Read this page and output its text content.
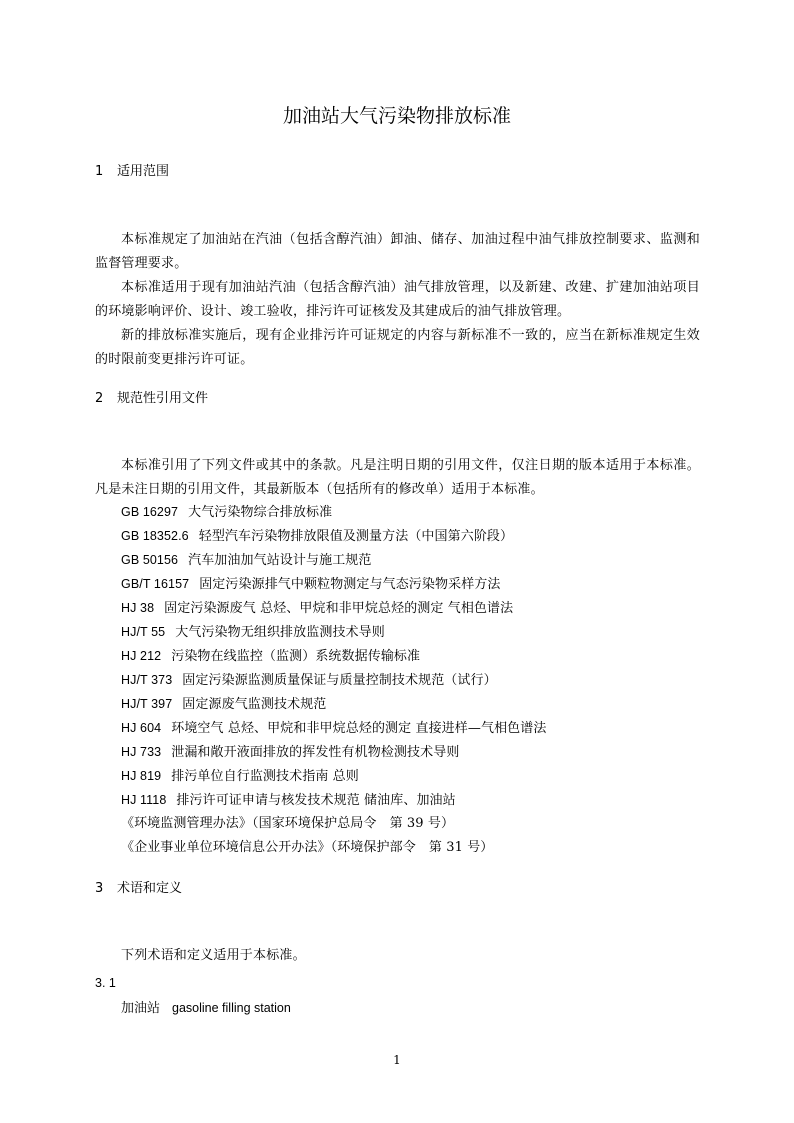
加油站大气污染物排放标准
1 适用范围
本标准规定了加油站在汽油（包括含醇汽油）卸油、储存、加油过程中油气排放控制要求、监测和监督管理要求。
本标准适用于现有加油站汽油（包括含醇汽油）油气排放管理，以及新建、改建、扩建加油站项目的环境影响评价、设计、竣工验收，排污许可证核发及其建成后的油气排放管理。
新的排放标准实施后，现有企业排污许可证规定的内容与新标准不一致的，应当在新标准规定生效的时限前变更排污许可证。
2 规范性引用文件
本标准引用了下列文件或其中的条款。凡是注明日期的引用文件，仅注日期的版本适用于本标准。凡是未注日期的引用文件，其最新版本（包括所有的修改单）适用于本标准。
GB 16297 大气污染物综合排放标准
GB 18352.6 轻型汽车污染物排放限值及测量方法（中国第六阶段）
GB 50156 汽车加油加气站设计与施工规范
GB/T 16157 固定污染源排气中颗粒物测定与气态污染物采样方法
HJ 38 固定污染源废气 总烃、甲烷和非甲烷总烃的测定 气相色谱法
HJ/T 55 大气污染物无组织排放监测技术导则
HJ 212 污染物在线监控（监测）系统数据传输标准
HJ/T 373 固定污染源监测质量保证与质量控制技术规范（试行）
HJ/T 397 固定源废气监测技术规范
HJ 604 环境空气 总烃、甲烷和非甲烷总烃的测定 直接进样—气相色谱法
HJ 733 泄漏和敞开液面排放的挥发性有机物检测技术导则
HJ 819 排污单位自行监测技术指南 总则
HJ 1118 排污许可证申请与核发技术规范 储油库、加油站
《环境监测管理办法》（国家环境保护总局令　第 39 号）
《企业事业单位环境信息公开办法》（环境保护部令　第 31 号）
3 术语和定义
下列术语和定义适用于本标准。
3. 1
加油站 gasoline filling station
1
